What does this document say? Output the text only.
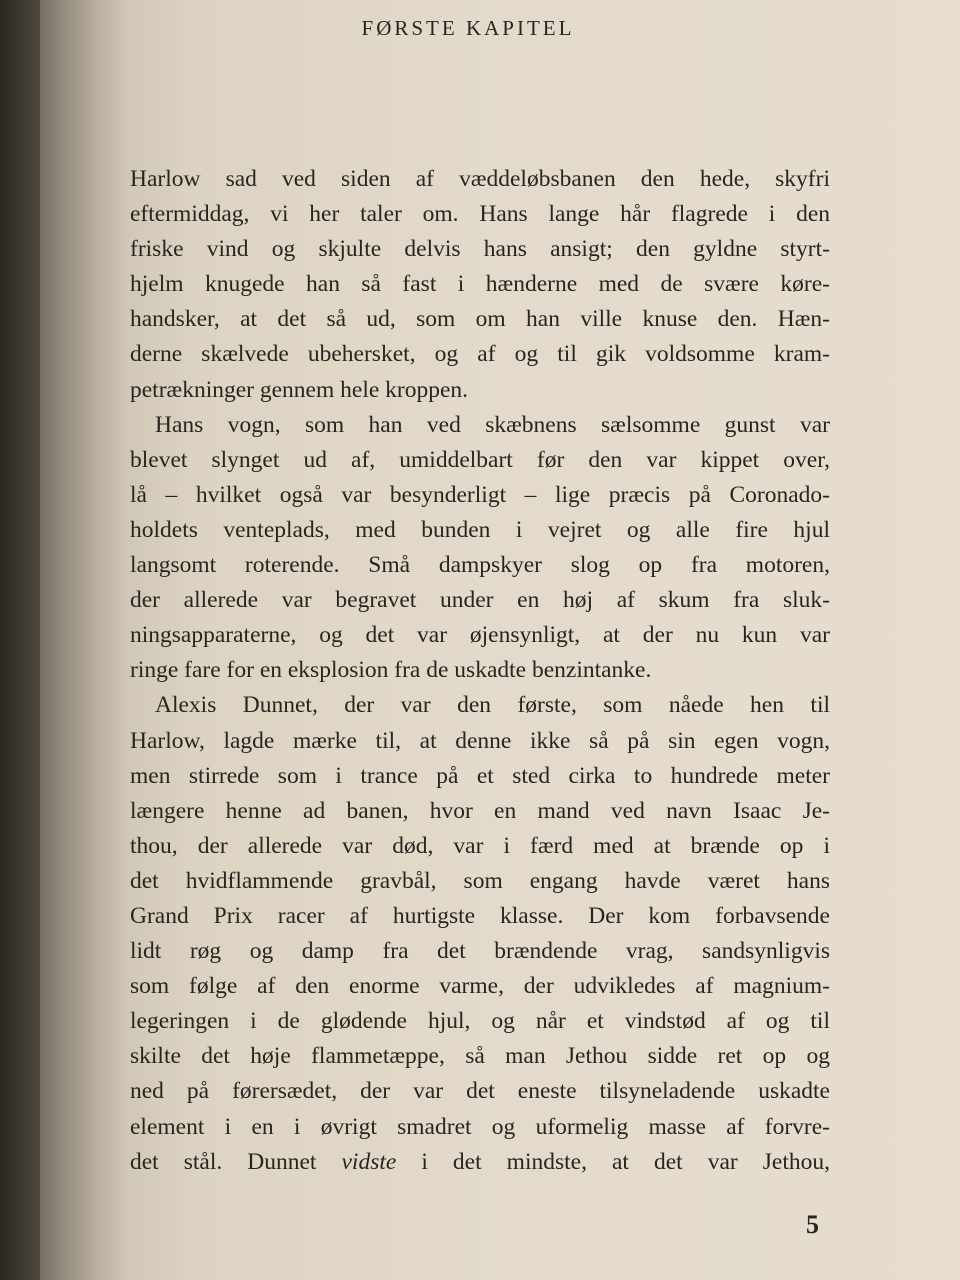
FØRSTE KAPITEL
Harlow sad ved siden af væddeløbsbanen den hede, skyfri
eftermiddag, vi her taler om. Hans lange hår flagrede i den
friske vind og skjulte delvis hans ansigt; den gyldne styrt-
hjelm knugede han så fast i hænderne med de svære køre-
handsker, at det så ud, som om han ville knuse den. Hæn-
derne skælvede ubehersket, og af og til gik voldsomme kram-
petrækninger gennem hele kroppen.
Hans vogn, som han ved skæbnens sælsomme gunst var
blevet slynget ud af, umiddelbart før den var kippet over,
lå – hvilket også var besynderligt – lige præcis på Coronado-
holdets venteplads, med bunden i vejret og alle fire hjul
langsomt roterende. Små dampskyer slog op fra motoren,
der allerede var begravet under en høj af skum fra sluk-
ningsapparaterne, og det var øjensynligt, at der nu kun var
ringe fare for en eksplosion fra de uskadte benzintanke.
Alexis Dunnet, der var den første, som nåede hen til
Harlow, lagde mærke til, at denne ikke så på sin egen vogn,
men stirrede som i trance på et sted cirka to hundrede meter
længere henne ad banen, hvor en mand ved navn Isaac Je-
thou, der allerede var død, var i færd med at brænde op i
det hvidflammende gravbål, som engang havde været hans
Grand Prix racer af hurtigste klasse. Der kom forbavsende
lidt røg og damp fra det brændende vrag, sandsynligvis
som følge af den enorme varme, der udvikledes af magnium-
legeringen i de glødende hjul, og når et vindstød af og til
skilte det høje flammetæppe, så man Jethou sidde ret op og
ned på førersædet, der var det eneste tilsyneladende uskadte
element i en i øvrigt smadret og uformelig masse af forvre-
det stål. Dunnet vidste i det mindste, at det var Jethou,
5
